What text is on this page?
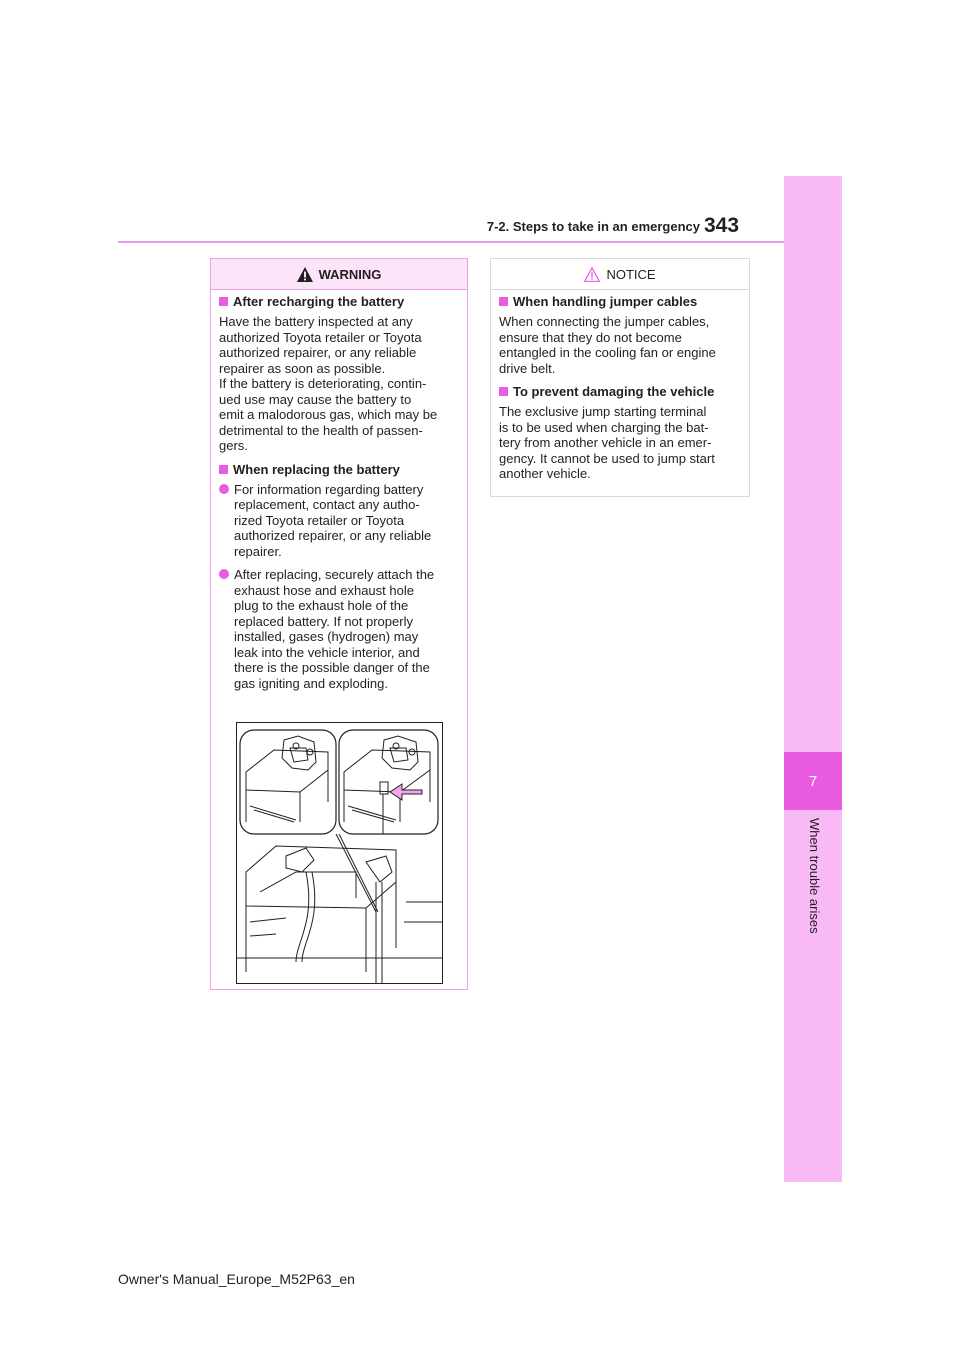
7-2. Steps to take in an emergency 343
7
When trouble arises
WARNING
After recharging the battery
Have the battery inspected at any
authorized Toyota retailer or Toyota
authorized repairer, or any reliable
repairer as soon as possible.
If the battery is deteriorating, contin-
ued use may cause the battery to
emit a malodorous gas, which may be
detrimental to the health of passen-
gers.
When replacing the battery
For information regarding battery
replacement, contact any autho-
rized Toyota retailer or Toyota
authorized repairer, or any reliable
repairer.
After replacing, securely attach the
exhaust hose and exhaust hole
plug to the exhaust hole of the
replaced battery. If not properly
installed, gases (hydrogen) may
leak into the vehicle interior, and
there is the possible danger of the
gas igniting and exploding.
NOTICE
When handling jumper cables
When connecting the jumper cables,
ensure that they do not become
entangled in the cooling fan or engine
drive belt.
To prevent damaging the vehicle
The exclusive jump starting terminal
is to be used when charging the bat-
tery from another vehicle in an emer-
gency. It cannot be used to jump start
another vehicle.
Owner's Manual_Europe_M52P63_en
